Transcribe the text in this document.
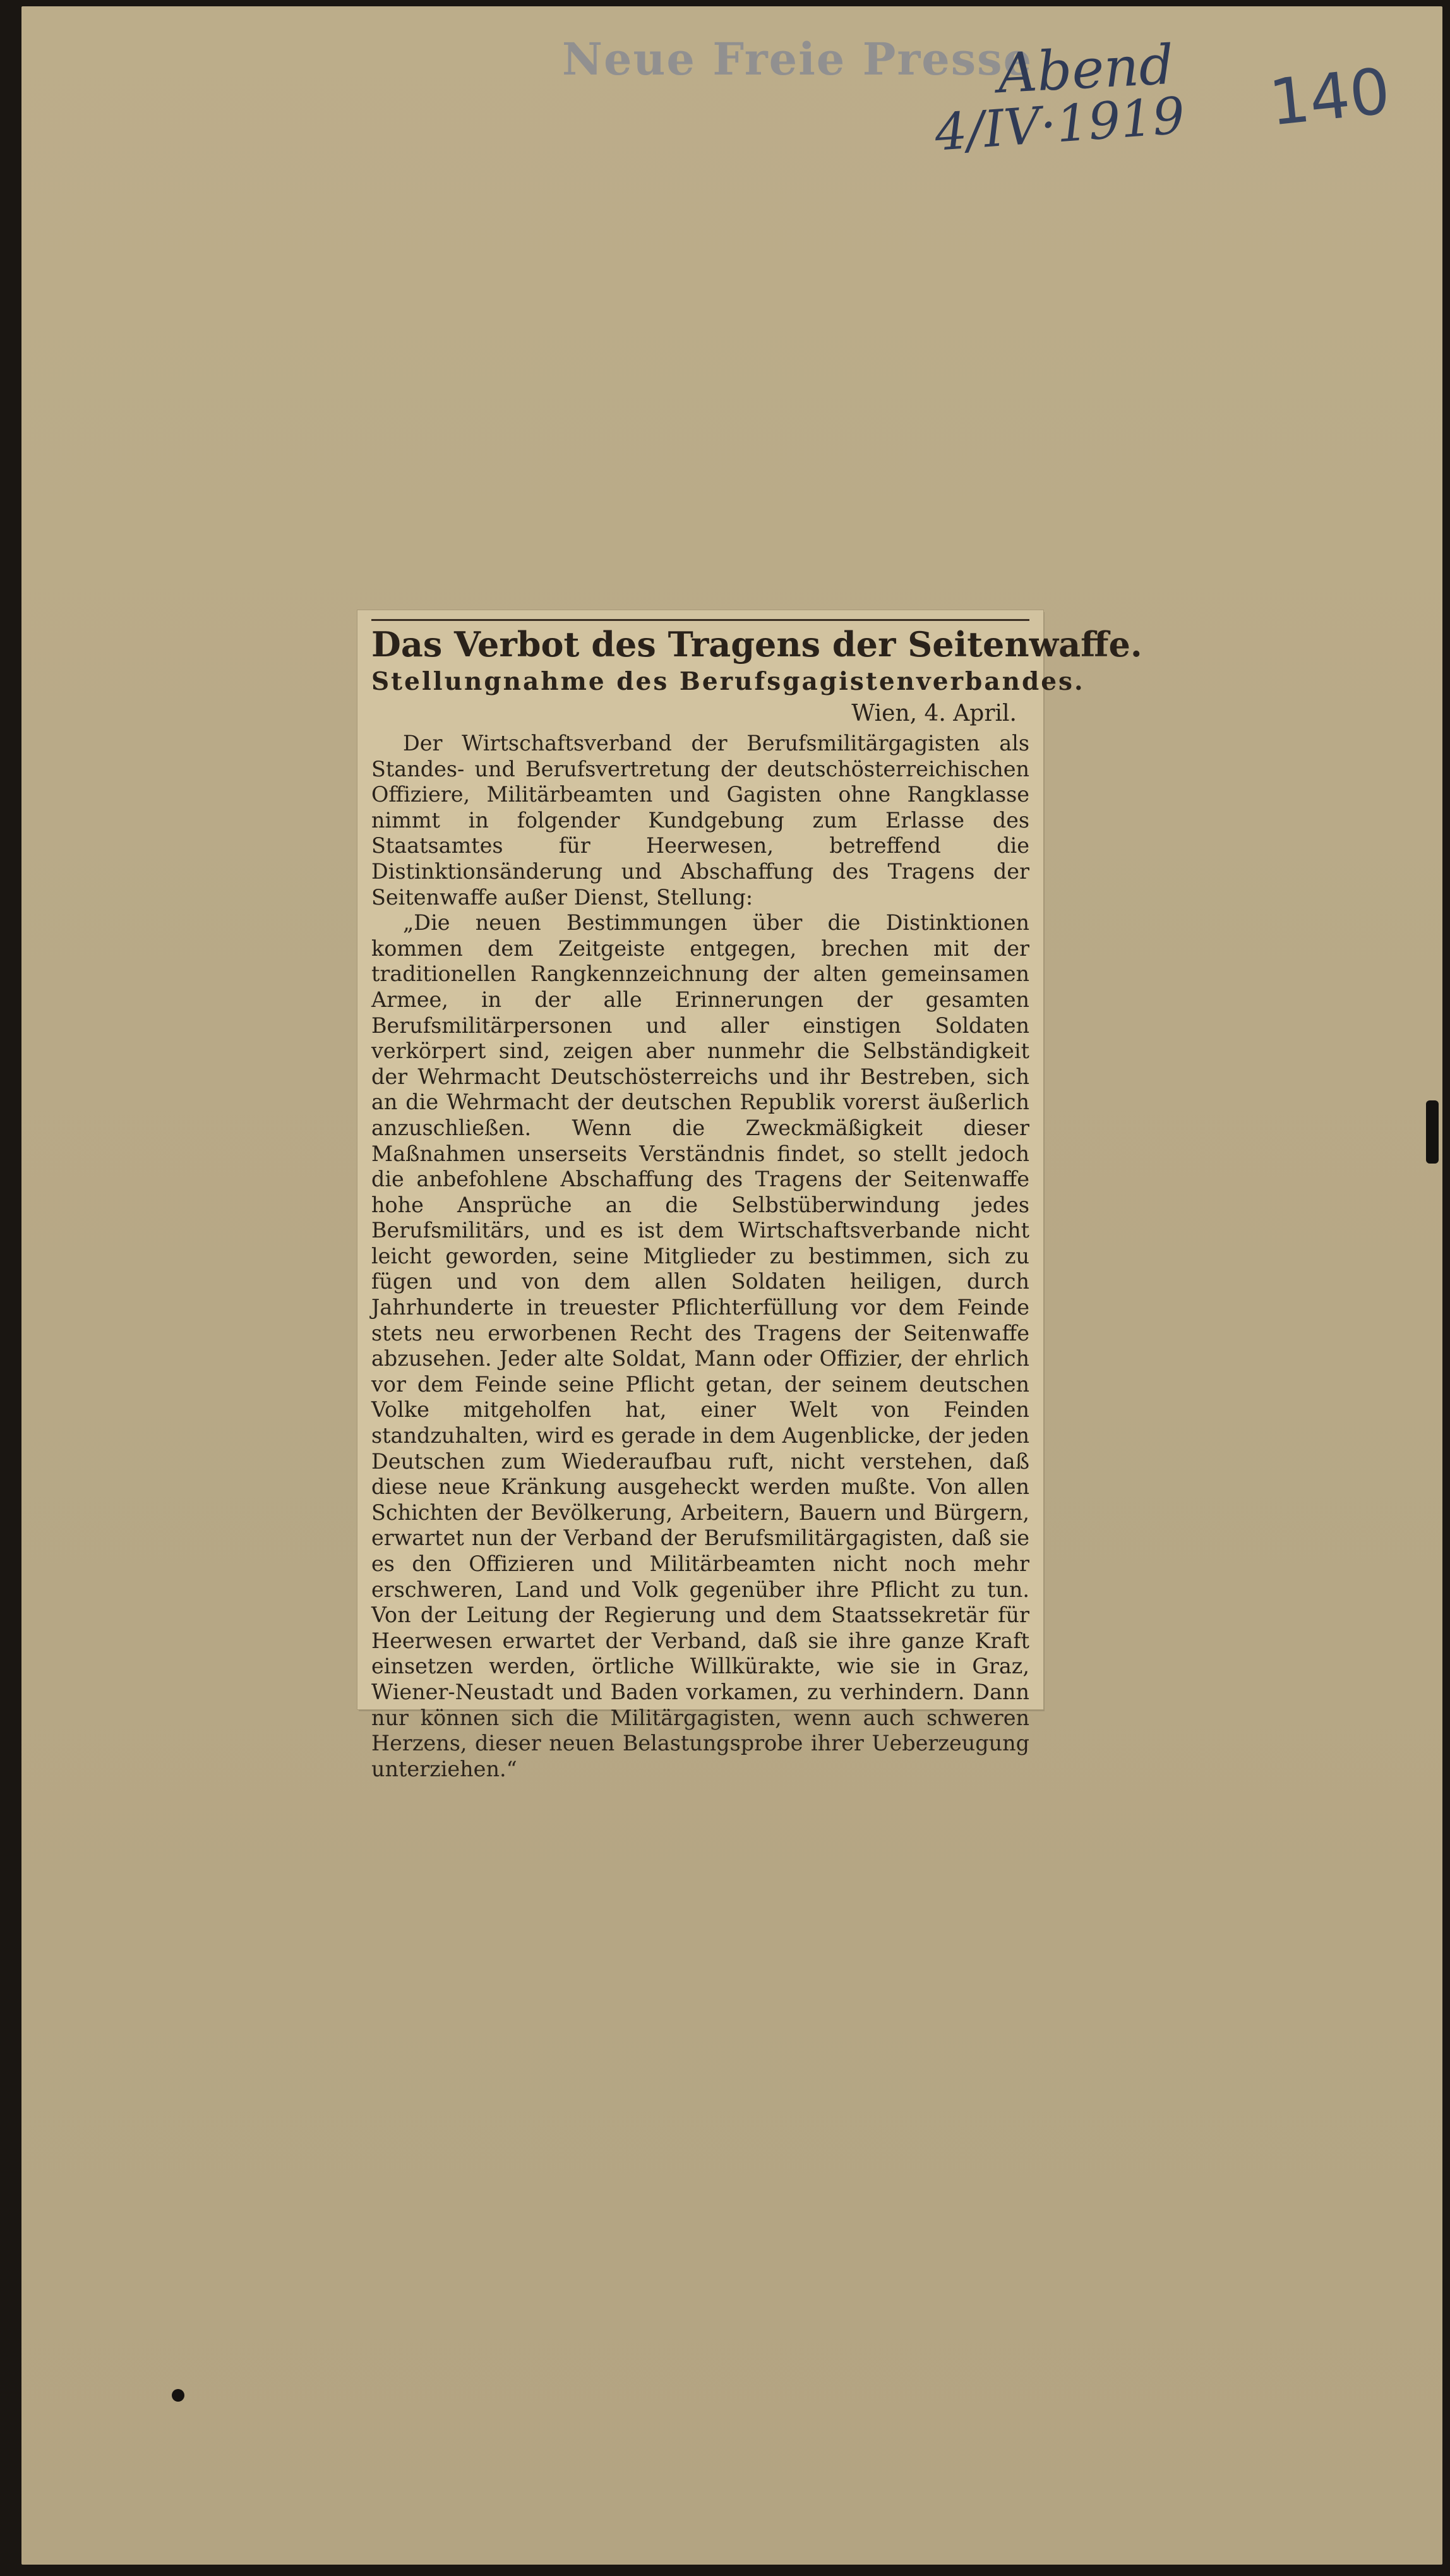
Neue Freie Presse
Abend
4/IV·1919 140
Das Verbot des Tragens der Seitenwaffe.
Stellungnahme des Berufsgagistenverbandes.
Wien, 4. April.

Der Wirtschaftsverband der Berufsmilitärgagisten als Standes- und Berufsvertretung der deutschösterreichischen Offiziere, Militärbeamten und Gagisten ohne Rangklasse nimmt in folgender Kundgebung zum Erlasse des Staatsamtes für Heerwesen, betreffend die Distinktionsänderung und Abschaffung des Tragens der Seitenwaffe außer Dienst, Stellung:

„Die neuen Bestimmungen über die Distinktionen kommen dem Zeitgeiste entgegen, brechen mit der traditionellen Rangkennzeichnung der alten gemeinsamen Armee, in der alle Erinnerungen der gesamten Berufsmilitärpersonen und aller einstigen Soldaten verkörpert sind, zeigen aber nunmehr die Selbständigkeit der Wehrmacht Deutschösterreichs und ihr Bestreben, sich an die Wehrmacht der deutschen Republik vorerst äußerlich anzuschließen. Wenn die Zweckmäßigkeit dieser Maßnahmen unserseits Verständnis findet, so stellt jedoch die anbefohlene Abschaffung des Tragens der Seitenwaffe hohe Ansprüche an die Selbstüberwindung jedes Berufsmilitärs, und es ist dem Wirtschaftsverbande nicht leicht geworden, seine Mitglieder zu bestimmen, sich zu fügen und von dem allen Soldaten heiligen, durch Jahrhunderte in treuester Pflichterfüllung vor dem Feinde stets neu erworbenen Recht des Tragens der Seitenwaffe abzusehen. Jeder alte Soldat, Mann oder Offizier, der ehrlich vor dem Feinde seine Pflicht getan, der seinem deutschen Volke mitgeholfen hat, einer Welt von Feinden standzuhalten, wird es gerade in dem Augenblicke, der jeden Deutschen zum Wiederaufbau ruft, nicht verstehen, daß diese neue Kränkung ausgeheckt werden mußte. Von allen Schichten der Bevölkerung, Arbeitern, Bauern und Bürgern, erwartet nun der Verband der Berufsmilitärgagisten, daß sie es den Offizieren und Militärbeamten nicht noch mehr erschweren, Land und Volk gegenüber ihre Pflicht zu tun. Von der Leitung der Regierung und dem Staatssekretär für Heerwesen erwartet der Verband, daß sie ihre ganze Kraft einsetzen werden, örtliche Willkürakte, wie sie in Graz, Wiener-Neustadt und Baden vorkamen, zu verhindern. Dann nur können sich die Militärgagisten, wenn auch schweren Herzens, dieser neuen Belastungsprobe ihrer Ueberzeugung unterziehen.“
